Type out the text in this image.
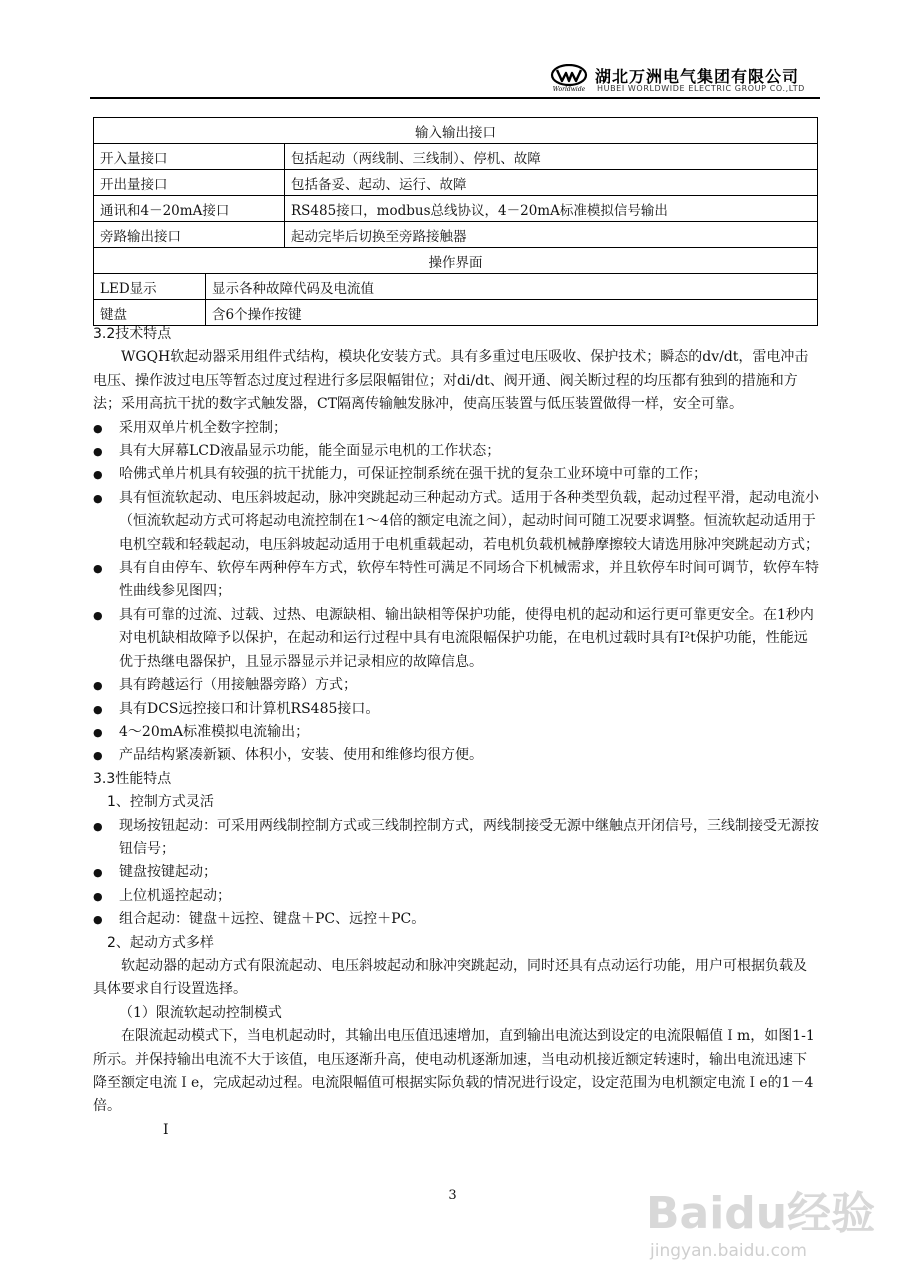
Worldwide
湖北万洲电气集团有限公司
HUBEI WORLDWIDE ELECTRIC GROUP CO.,LTD
输入输出接口		
开入量接口		包括起动（两线制、三线制）、停机、故障
开出量接口		包括备妥、起动、运行、故障
通讯和4－20mA接口		RS485接口，modbus总线协议，4－20mA标准模拟信号输出
旁路输出接口		起动完毕后切换至旁路接触器
操作界面		
LED显示	显示各种故障代码及电流值	
键盘	含6个操作按键	

3.2技术特点

WGQH软起动器采用组件式结构，模块化安装方式。具有多重过电压吸收、保护技术；瞬态的dv/dt，雷电冲击电压、操作波过电压等暂态过度过程进行多层限幅钳位；对di/dt、阀开通、阀关断过程的均压都有独到的措施和方法；采用高抗干扰的数字式触发器，CT隔离传输触发脉冲，使高压装置与低压装置做得一样，安全可靠。

● 采用双单片机全数字控制；

● 具有大屏幕LCD液晶显示功能，能全面显示电机的工作状态；

● 哈佛式单片机具有较强的抗干扰能力，可保证控制系统在强干扰的复杂工业环境中可靠的工作；

● 具有恒流软起动、电压斜坡起动，脉冲突跳起动三种起动方式。适用于各种类型负载，起动过程平滑，起动电流小（恒流软起动方式可将起动电流控制在1～4倍的额定电流之间），起动时间可随工况要求调整。恒流软起动适用于电机空载和轻载起动，电压斜坡起动适用于电机重载起动，若电机负载机械静摩擦较大请选用脉冲突跳起动方式；

● 具有自由停车、软停车两种停车方式，软停车特性可满足不同场合下机械需求，并且软停车时间可调节，软停车特性曲线参见图四；

● 具有可靠的过流、过载、过热、电源缺相、输出缺相等保护功能，使得电机的起动和运行更可靠更安全。在1秒内对电机缺相故障予以保护，在起动和运行过程中具有电流限幅保护功能，在电机过载时具有I²t保护功能，性能远优于热继电器保护，且显示器显示并记录相应的故障信息。

● 具有跨越运行（用接触器旁路）方式；

● 具有DCS远控接口和计算机RS485接口。

● 4～20mA标准模拟电流输出；

● 产品结构紧凑新颖、体积小，安装、使用和维修均很方便。

3.3性能特点

1、控制方式灵活

● 现场按钮起动：可采用两线制控制方式或三线制控制方式，两线制接受无源中继触点开闭信号，三线制接受无源按钮信号；

● 键盘按键起动；

● 上位机遥控起动；

● 组合起动：键盘＋远控、键盘＋PC、远控＋PC。

2、起动方式多样

软起动器的起动方式有限流起动、电压斜坡起动和脉冲突跳起动，同时还具有点动运行功能，用户可根据负载及具体要求自行设置选择。

（1）限流软起动控制模式

在限流起动模式下，当电机起动时，其输出电压值迅速增加，直到输出电流达到设定的电流限幅值Ｉm，如图1-1所示。并保持输出电流不大于该值，电压逐渐升高，使电动机逐渐加速，当电动机接近额定转速时，输出电流迅速下降至额定电流Ｉe，完成起动过程。电流限幅值可根据实际负载的情况进行设定，设定范围为电机额定电流Ｉe的1－4倍。

I

3	Baidu经验
jingyan.baidu.com
